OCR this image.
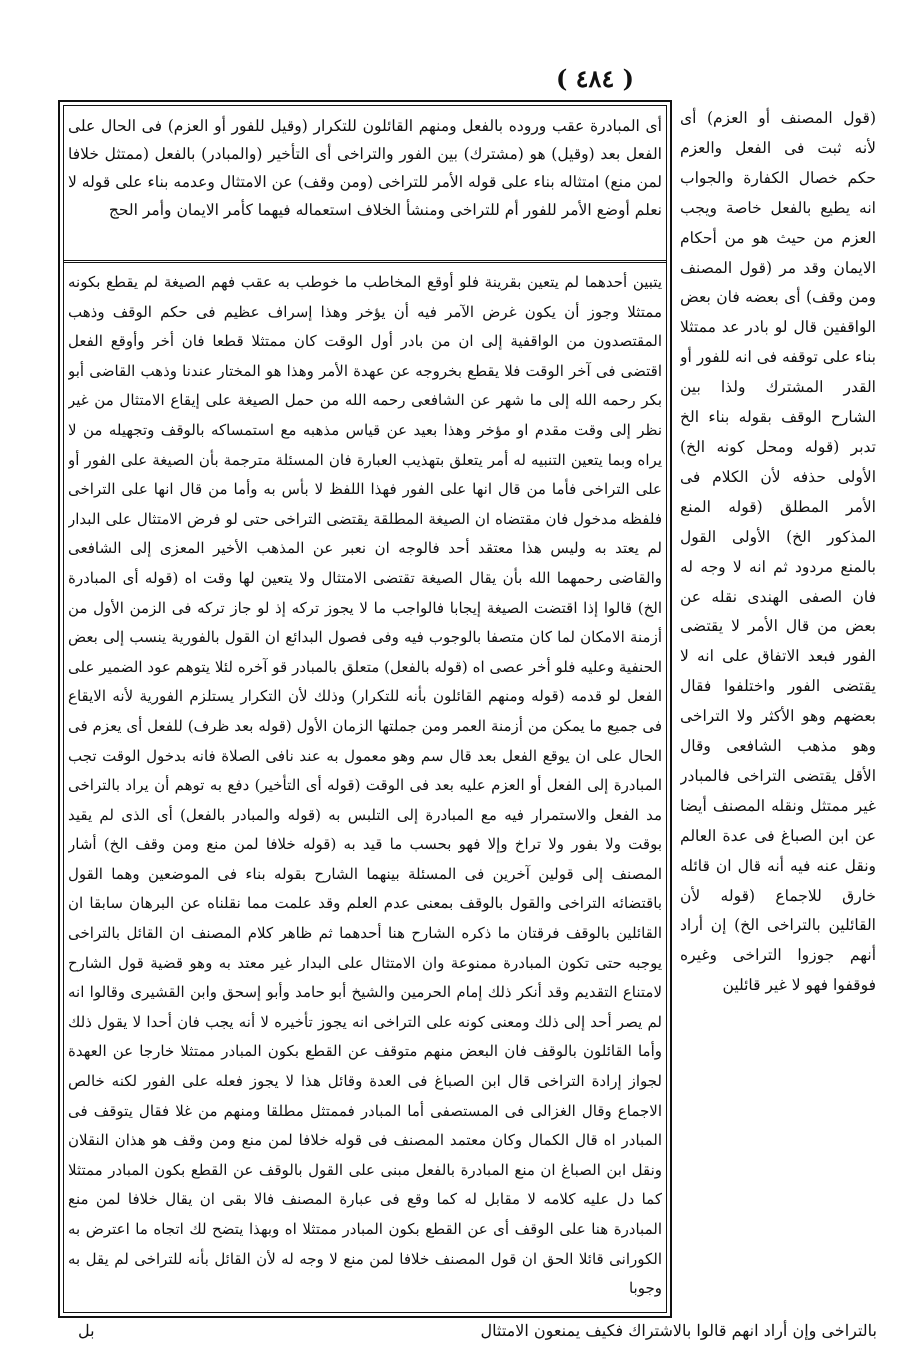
( ٤٨٤ )
أى المبادرة عقب وروده بالفعل ومنهم القائلون للتكرار (وقيل للفور أو العزم) فى الحال على الفعل بعد (وقيل) هو (مشترك) بين الفور والتراخى أى التأخير (والمبادر) بالفعل (ممتثل خلافا لمن منع) امتثاله بناء على قوله الأمر للتراخى (ومن وقف) عن الامتثال وعدمه بناء على قوله لا نعلم أوضع الأمر للفور أم للتراخى ومنشأ الخلاف استعماله فيهما كأمر الايمان وأمر الحج
يتبين أحدهما لم يتعين بقرينة فلو أوقع المخاطب ما خوطب به عقب فهم الصيغة لم يقطع بكونه ممتثلا وجوز أن يكون غرض الآمر فيه أن يؤخر وهذا إسراف عظيم فى حكم الوقف وذهب المقتصدون من الواقفية إلى ان من بادر أول الوقت كان ممتثلا قطعا فان أخر وأوقع الفعل اقتضى فى آخر الوقت فلا يقطع بخروجه عن عهدة الأمر وهذا هو المختار عندنا وذهب القاضى أبو بكر رحمه الله إلى ما شهر عن الشافعى رحمه الله من حمل الصيغة على إيقاع الامتثال من غير نظر إلى وقت مقدم او مؤخر وهذا بعيد عن قياس مذهبه مع استمساكه بالوقف وتجهيله من لا يراه وبما يتعين التنبيه له أمر يتعلق بتهذيب العبارة فان المسئلة مترجمة بأن الصيغة على الفور أو على التراخى فأما من قال انها على الفور فهذا اللفظ لا بأس به وأما من قال انها على التراخى فلفظه مدخول فان مقتضاه ان الصيغة المطلقة يقتضى التراخى حتى لو فرض الامتثال على البدار لم يعتد به وليس هذا معتقد أحد فالوجه ان نعبر عن المذهب الأخير المعزى إلى الشافعى والقاضى رحمهما الله بأن يقال الصيغة تقتضى الامتثال ولا يتعين لها وقت اه (قوله أى المبادرة الخ) قالوا إذا اقتضت الصيغة إيجابا فالواجب ما لا يجوز تركه إذ لو جاز تركه فى الزمن الأول من أزمنة الامكان لما كان متصفا بالوجوب فيه وفى فصول البدائع ان القول بالفورية ينسب إلى بعض الحنفية وعليه فلو أخر عصى اه (قوله بالفعل) متعلق بالمبادر قو آخره لئلا يتوهم عود الضمير على الفعل لو قدمه (قوله ومنهم القائلون بأنه للتكرار) وذلك لأن التكرار يستلزم الفورية لأنه الايقاع فى جميع ما يمكن من أزمنة العمر ومن جملتها الزمان الأول (قوله بعد ظرف) للفعل أى يعزم فى الحال على ان يوقع الفعل بعد قال سم وهو معمول به عند نافى الصلاة فانه بدخول الوقت تجب المبادرة إلى الفعل أو العزم عليه بعد فى الوقت (قوله أى التأخير) دفع به توهم أن يراد بالتراخى مد الفعل والاستمرار فيه مع المبادرة إلى التلبس به (قوله والمبادر بالفعل) أى الذى لم يقيد بوقت ولا بفور ولا تراخ وإلا فهو بحسب ما قيد به (قوله خلافا لمن منع ومن وقف الخ) أشار المصنف إلى قولين آخرين فى المسئلة بينهما الشارح بقوله بناء فى الموضعين وهما القول باقتضائه التراخى والقول بالوقف بمعنى عدم العلم وقد علمت مما نقلناه عن البرهان سابقا ان القائلين بالوقف فرقتان ما ذكره الشارح هنا أحدهما ثم ظاهر كلام المصنف ان القائل بالتراخى يوجبه حتى تكون المبادرة ممنوعة وان الامتثال على البدار غير معتد به وهو قضية قول الشارح لامتناع التقديم وقد أنكر ذلك إمام الحرمين والشيخ أبو حامد وأبو إسحق وابن القشيرى وقالوا انه لم يصر أحد إلى ذلك ومعنى كونه على التراخى انه يجوز تأخيره لا أنه يجب فان أحدا لا يقول ذلك وأما القائلون بالوقف فان البعض منهم متوقف عن القطع بكون المبادر ممتثلا خارجا عن العهدة لجواز إرادة التراخى قال ابن الصباغ فى العدة وقائل هذا لا يجوز فعله على الفور لكنه خالص الاجماع وقال الغزالى فى المستصفى أما المبادر فممتثل مطلقا ومنهم من غلا فقال يتوقف فى المبادر اه قال الكمال وكان معتمد المصنف فى قوله خلافا لمن منع ومن وقف هو هذان النقلان ونقل ابن الصباغ ان منع المبادرة بالفعل مبنى على القول بالوقف عن القطع بكون المبادر ممتثلا كما دل عليه كلامه لا مقابل له كما وقع فى عبارة المصنف فالا بقى ان يقال خلافا لمن منع المبادرة هنا على الوقف أى عن القطع بكون المبادر ممتثلا اه وبهذا يتضح لك اتجاه ما اعترض به الكورانى قائلا الحق ان قول المصنف خلافا لمن منع لا وجه له لأن القائل بأنه للتراخى لم يقل به وجوبا
(قول المصنف أو العزم) أى لأنه ثبت فى الفعل والعزم حكم خصال الكفارة والجواب انه يطيع بالفعل خاصة ويجب العزم من حيث هو من أحكام الايمان وقد مر (قول المصنف ومن وقف) أى بعضه فان بعض الواقفين قال لو بادر عد ممتثلا بناء على توقفه فى انه للفور أو القدر المشترك ولذا بين الشارح الوقف بقوله بناء الخ تدبر (قوله ومحل كونه الخ) الأولى حذفه لأن الكلام فى الأمر المطلق (قوله المنع المذكور الخ) الأولى القول بالمنع مردود ثم انه لا وجه له فان الصفى الهندى نقله عن بعض من قال الأمر لا يقتضى الفور فبعد الاتفاق على انه لا يقتضى الفور واختلفوا فقال بعضهم وهو الأكثر ولا التراخى وهو مذهب الشافعى وقال الأقل يقتضى التراخى فالمبادر غير ممتثل ونقله المصنف أيضا عن ابن الصباغ فى عدة العالم ونقل عنه فيه أنه قال ان قائله خارق للاجماع (قوله لأن القائلين بالتراخى الخ) إن أراد أنهم جوزوا التراخى وغيره فوقفوا فهو لا غير قائلين
بالتراخى وإن أراد انهم قالوا بالاشتراك فكيف يمنعون الامتثال
بل
